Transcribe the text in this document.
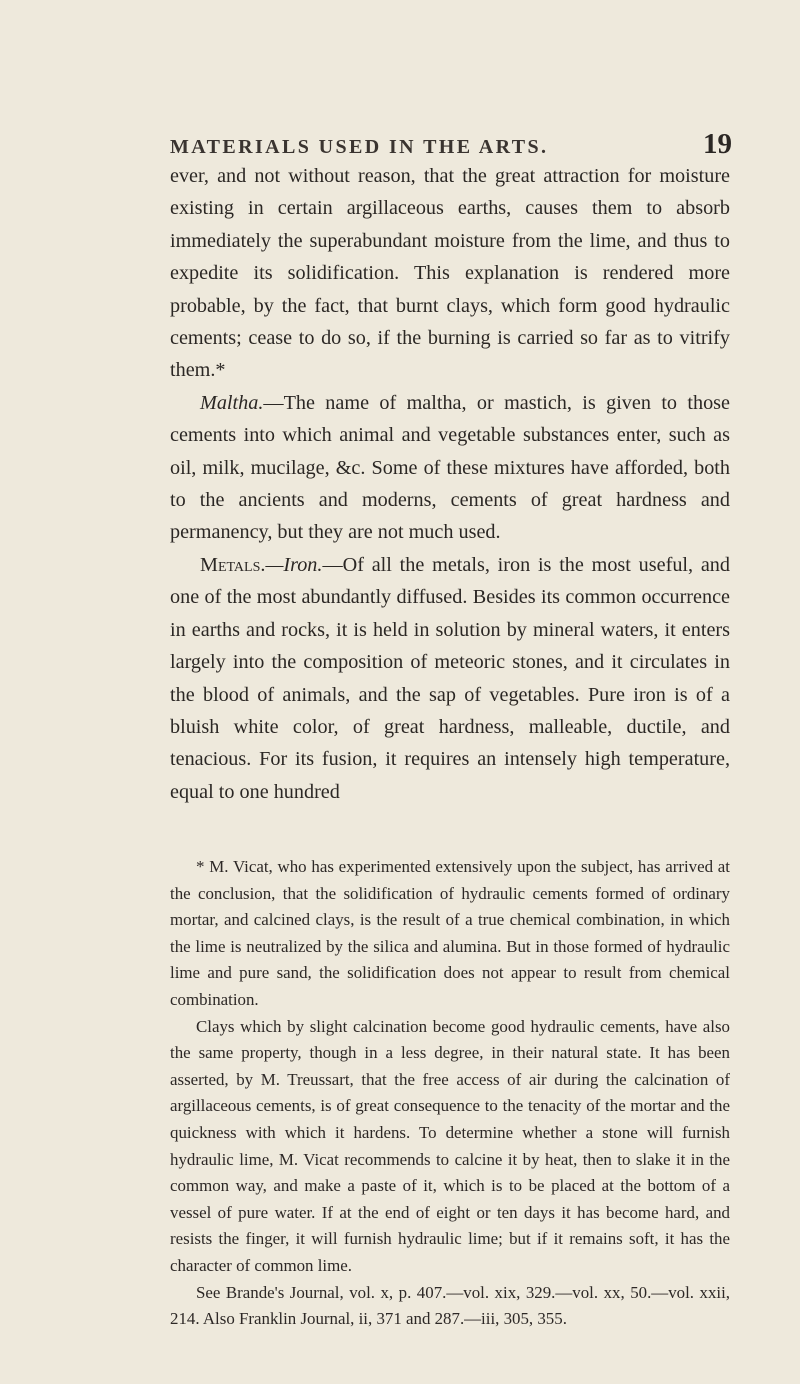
MATERIALS USED IN THE ARTS.	19

ever, and not without reason, that the great attraction for moisture existing in certain argillaceous earths, causes them to absorb immediately the superabundant moisture from the lime, and thus to expedite its solidification. This explanation is rendered more probable, by the fact, that burnt clays, which form good hydraulic cements; cease to do so, if the burning is carried so far as to vitrify them.*

Maltha.—The name of maltha, or mastich, is given to those cements into which animal and vegetable substances enter, such as oil, milk, mucilage, &c. Some of these mixtures have afforded, both to the ancients and moderns, cements of great hardness and permanency, but they are not much used.

Metals.—Iron.—Of all the metals, iron is the most useful, and one of the most abundantly diffused. Besides its common occurrence in earths and rocks, it is held in solution by mineral waters, it enters largely into the composition of meteoric stones, and it circulates in the blood of animals, and the sap of vegetables. Pure iron is of a bluish white color, of great hardness, malleable, ductile, and tenacious. For its fusion, it requires an intensely high temperature, equal to one hundred

* M. Vicat, who has experimented extensively upon the subject, has arrived at the conclusion, that the solidification of hydraulic cements formed of ordinary mortar, and calcined clays, is the result of a true chemical combination, in which the lime is neutralized by the silica and alumina. But in those formed of hydraulic lime and pure sand, the solidification does not appear to result from chemical combination.

Clays which by slight calcination become good hydraulic cements, have also the same property, though in a less degree, in their natural state. It has been asserted, by M. Treussart, that the free access of air during the calcination of argillaceous cements, is of great consequence to the tenacity of the mortar and the quickness with which it hardens. To determine whether a stone will furnish hydraulic lime, M. Vicat recommends to calcine it by heat, then to slake it in the common way, and make a paste of it, which is to be placed at the bottom of a vessel of pure water. If at the end of eight or ten days it has become hard, and resists the finger, it will furnish hydraulic lime; but if it remains soft, it has the character of common lime.

See Brande's Journal, vol. x, p. 407.—vol. xix, 329.—vol. xx, 50.—vol. xxii, 214. Also Franklin Journal, ii, 371 and 287.—iii, 305, 355.
